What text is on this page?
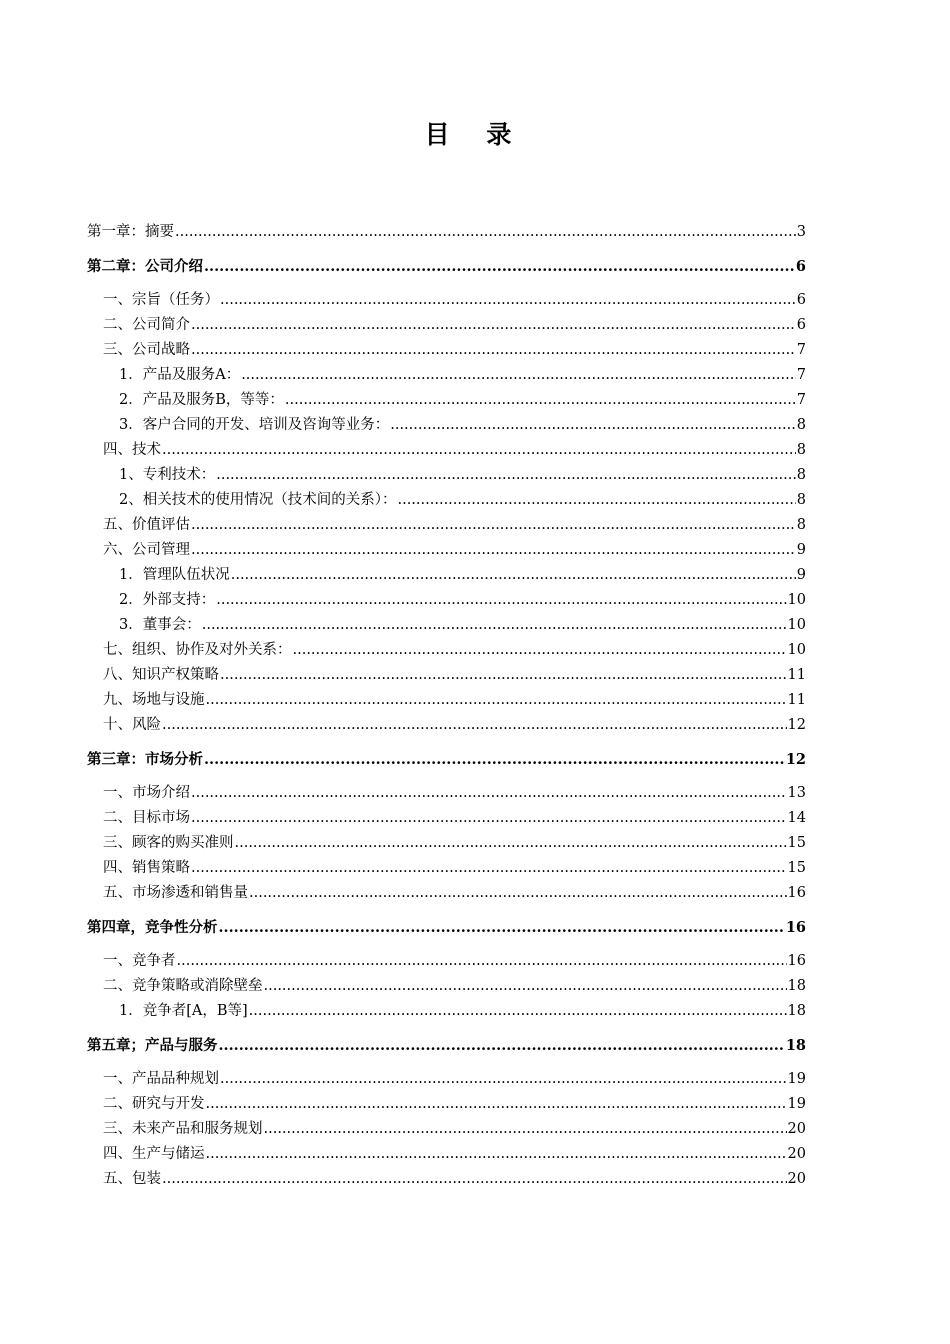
目 录
第一章：摘要 .....	3
第二章：公司介绍 .....	6
一、宗旨（任务） .....	6
二、公司简介 .....	6
三、公司战略 .....	7
1．产品及服务A： .....	7
2．产品及服务B，等等： .....	7
3．客户合同的开发、培训及咨询等业务： .....	8
四、技术 .....	8
1、专利技术： .....	8
2、相关技术的使用情况（技术间的关系）： .....	8
五、价值评估 .....	8
六、公司管理 .....	9
1．管理队伍状况 .....	9
2．外部支持： .....	10
3．董事会： .....	10
七、组织、协作及对外关系： .....	10
八、知识产权策略 .....	11
九、场地与设施 .....	11
十、风险 .....	12
第三章：市场分析 .....	12
一、市场介绍 .....	13
二、目标市场 .....	14
三、顾客的购买准则 .....	15
四、销售策略 .....	15
五、市场渗透和销售量 .....	16
第四章，竞争性分析 .....	16
一、竞争者 .....	16
二、竞争策略或消除壁垒 .....	18
1．竞争者[A，B等] .....	18
第五章；产品与服务 .....	18
一、产品品种规划 .....	19
二、研究与开发 .....	19
三、未来产品和服务规划 .....	20
四、生产与储运 .....	20
五、包装 .....	20
